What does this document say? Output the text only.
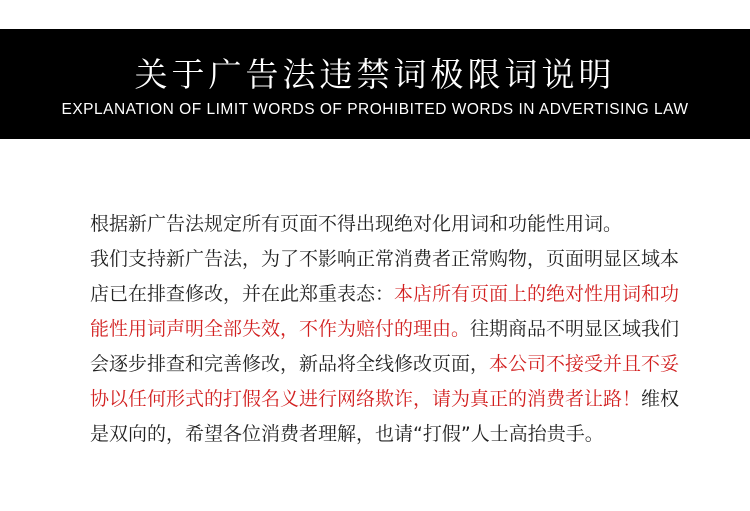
关于广告法违禁词极限词说明
EXPLANATION OF LIMIT WORDS OF PROHIBITED WORDS IN ADVERTISING LAW
根据新广告法规定所有页面不得出现绝对化用词和功能性用词。
我们支持新广告法，为了不影响正常消费者正常购物，页面明显区域本店已在排查修改，并在此郑重表态：本店所有页面上的绝对性用词和功能性用词声明全部失效，不作为赔付的理由。往期商品不明显区域我们会逐步排查和完善修改，新品将全线修改页面，本公司不接受并且不妥协以任何形式的打假名义进行网络欺诈，请为真正的消费者让路！维权是双向的，希望各位消费者理解，也请“打假”人士高抬贵手。
